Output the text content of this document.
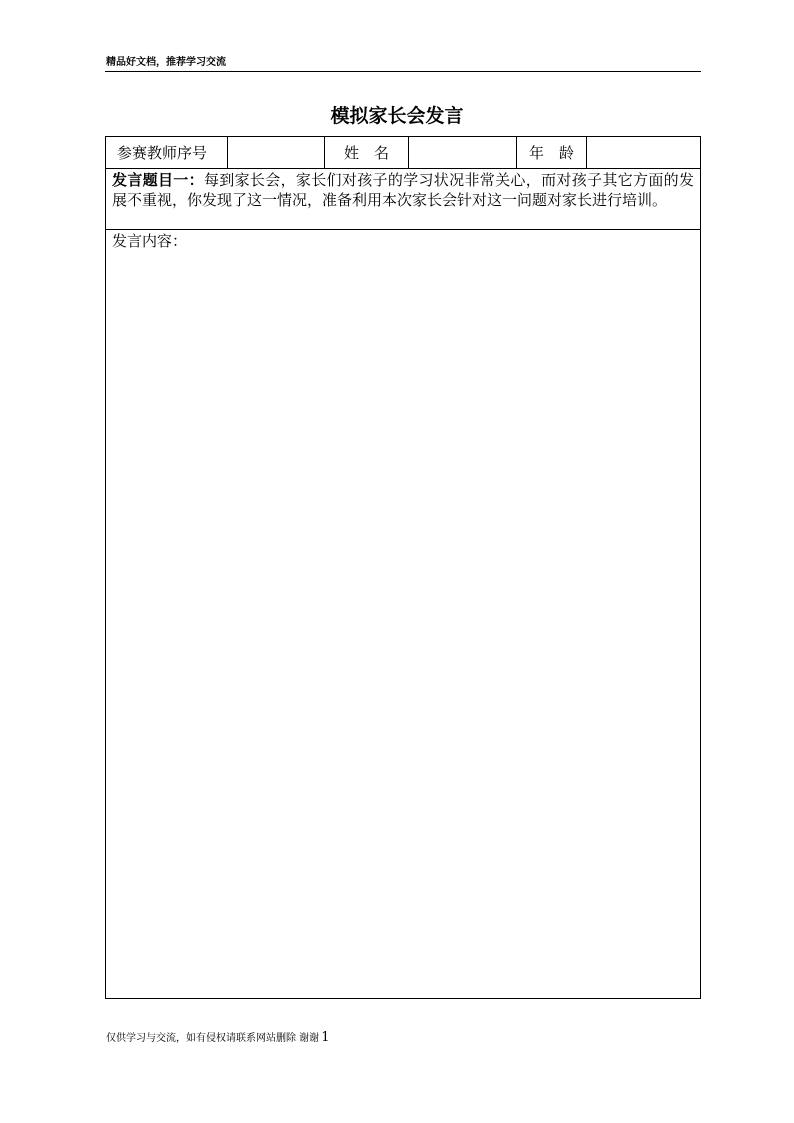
精品好文档，推荐学习交流
模拟家长会发言
参赛教师序号	姓　名	年　龄
发言题目一：每到家长会，家长们对孩子的学习状况非常关心，而对孩子其它方面的发展不重视，你发现了这一情况，准备利用本次家长会针对这一问题对家长进行培训。
发言内容：
仅供学习与交流，如有侵权请联系网站删除 谢谢 1
